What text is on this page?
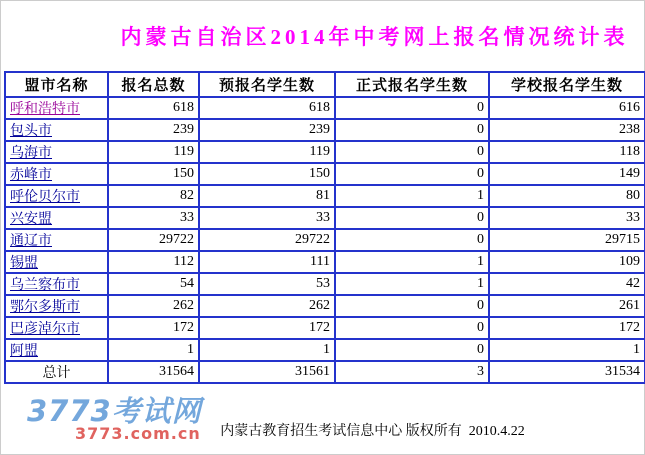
内蒙古自治区2014年中考网上报名情况统计表
盟市名称	报名总数	预报名学生数	正式报名学生数	学校报名学生数
呼和浩特市	618	618	0	616
包头市	239	239	0	238
乌海市	119	119	0	118
赤峰市	150	150	0	149
呼伦贝尔市	82	81	1	80
兴安盟	33	33	0	33
通辽市	29722	29722	0	29715
锡盟	112	111	1	109
乌兰察布市	54	53	1	42
鄂尔多斯市	262	262	0	261
巴彦淖尔市	172	172	0	172
阿盟	1	1	0	1
总计	31564	31561	3	31534
3773考试网
3773.com.cn	内蒙古教育招生考试信息中心 版权所有  2010.4.22
